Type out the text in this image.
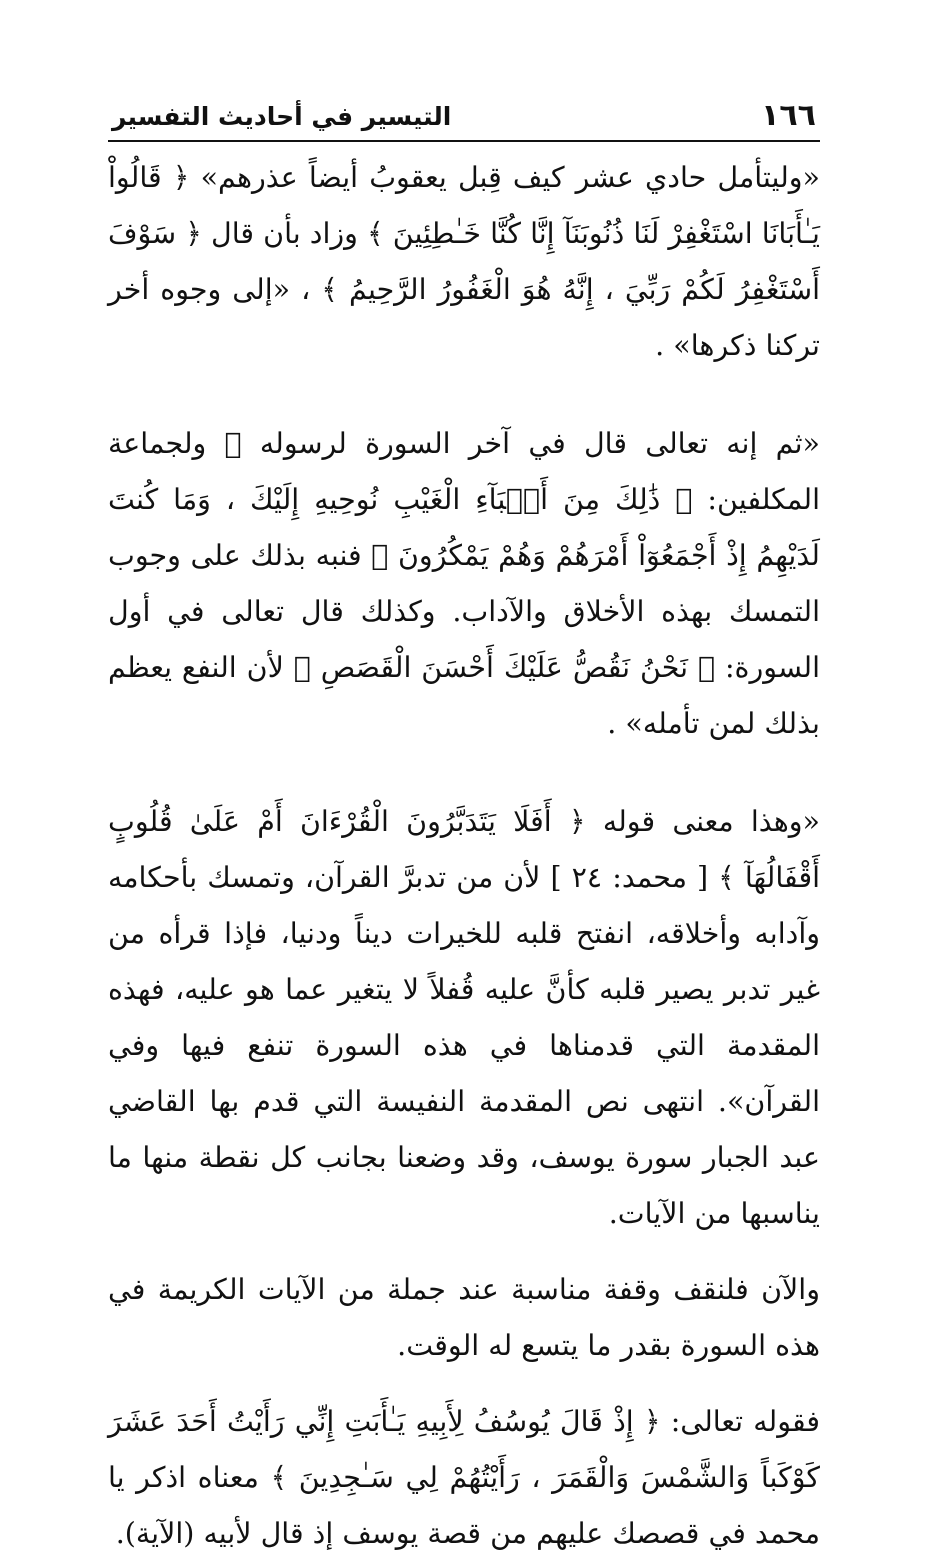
١٦٦
التيسير في أحاديث التفسير

«وليتأمل حادي عشر كيف قِبل يعقوبُ أيضاً عذرهم» ﴿ قَالُواْ يَـٰأَبَانَا اسْتَغْفِرْ لَنَا ذُنُوبَنَآ إِنَّا كُنَّا خَـٰطِئِينَ ﴾ وزاد بأن قال ﴿ سَوْفَ أَسْتَغْفِرُ لَكُمْ رَبِّيَ ، إِنَّهُ هُوَ الْغَفُورُ الرَّحِيمُ ﴾ ، «إلى وجوه أخر تركنا ذكرها» .

«ثم إنه تعالى قال في آخر السورة لرسوله ﷺ ولجماعة المكلفين: ﴿ ذَٰلِكَ مِنَ أَنۢبَآءِ الْغَيْبِ نُوحِيهِ إِلَيْكَ ، وَمَا كُنتَ لَدَيْهِمُ إِذْ أَجْمَعُوٓاْ أَمْرَهُمْ وَهُمْ يَمْكُرُونَ ﴾ فنبه بذلك على وجوب التمسك بهذه الأخلاق والآداب. وكذلك قال تعالى في أول السورة: ﴿ نَحْنُ نَقُصُّ عَلَيْكَ أَحْسَنَ الْقَصَصِ ﴾ لأن النفع يعظم بذلك لمن تأمله» .

«وهذا معنى قوله ﴿ أَفَلَا يَتَدَبَّرُونَ الْقُرْءَانَ أَمْ عَلَىٰ قُلُوبٍ أَقْفَالُهَآ ﴾ [ محمد: ٢٤ ] لأن من تدبرَّ القرآن، وتمسك بأحكامه وآدابه وأخلاقه، انفتح قلبه للخيرات ديناً ودنيا، فإذا قرأه من غير تدبر يصير قلبه كأنَّ عليه قُفلاً لا يتغير عما هو عليه، فهذه المقدمة التي قدمناها في هذه السورة تنفع فيها وفي القرآن». انتهى نص المقدمة النفيسة التي قدم بها القاضي عبد الجبار سورة يوسف، وقد وضعنا بجانب كل نقطة منها ما يناسبها من الآيات.

والآن فلنقف وقفة مناسبة عند جملة من الآيات الكريمة في هذه السورة بقدر ما يتسع له الوقت.

فقوله تعالى: ﴿ إِذْ قَالَ يُوسُفُ لِأَبِيهِ يَـٰأَبَتِ إِنِّي رَأَيْتُ أَحَدَ عَشَرَ كَوْكَباً وَالشَّمْسَ وَالْقَمَرَ ، رَأَيْتُهُمْ لِي سَـٰجِدِينَ ﴾ معناه اذكر يا محمد في قصصك عليهم من قصة يوسف إذ قال لأبيه (الآية).
